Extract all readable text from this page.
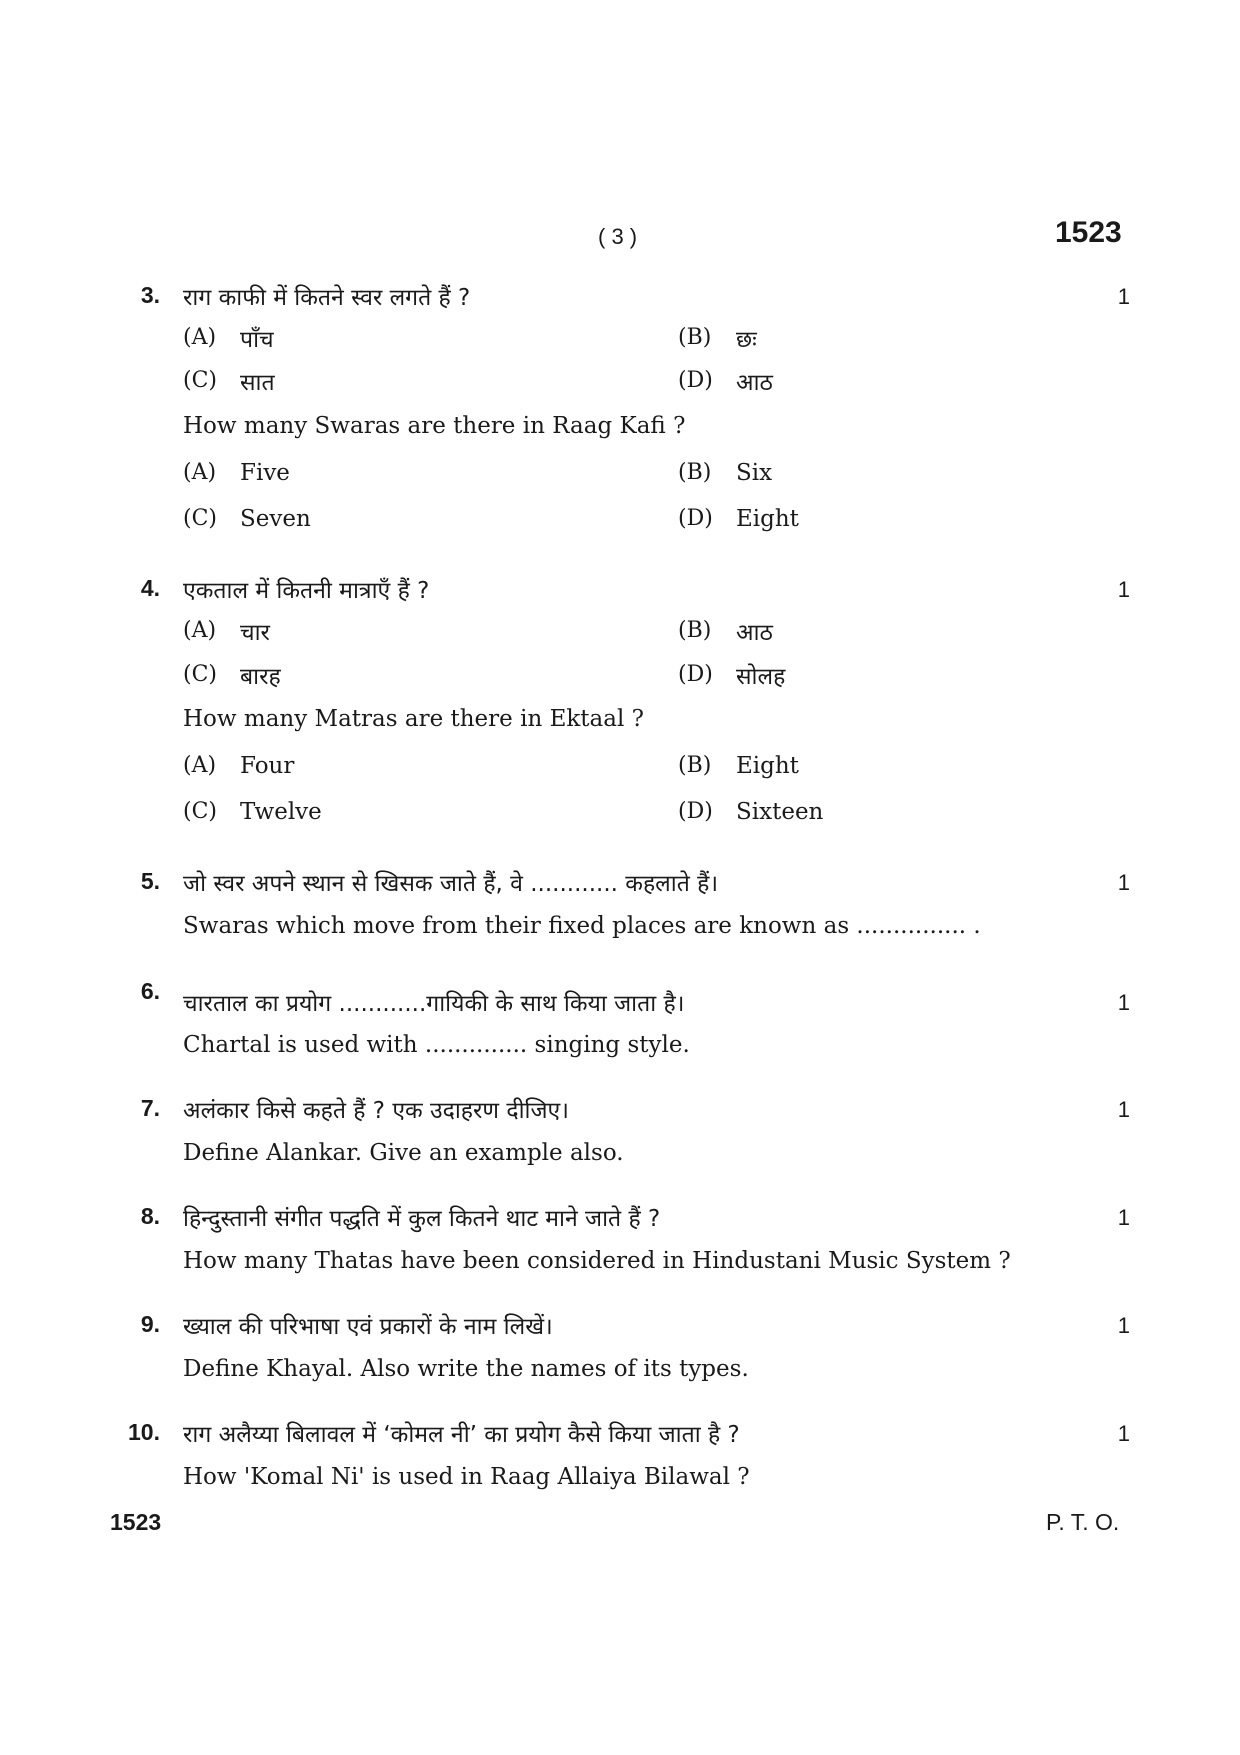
( 3 )	1523
3. राग काफी में कितने स्वर लगते हैं ?	1
(A) पाँच	(B) छः
(C) सात	(D) आठ
How many Swaras are there in Raag Kafi ?
(A) Five	(B) Six
(C) Seven	(D) Eight
4. एकताल में कितनी मात्राएँ हैं ?	1
(A) चार	(B) आठ
(C) बारह	(D) सोलह
How many Matras are there in Ektaal ?
(A) Four	(B) Eight
(C) Twelve	(D) Sixteen
5. जो स्वर अपने स्थान से खिसक जाते हैं, वे ............ कहलाते हैं।	1
Swaras which move from their fixed places are known as ............... .
6. चारताल का प्रयोग ............गायिकी के साथ किया जाता है।	1
Chartal is used with .............. singing style.
7. अलंकार किसे कहते हैं ? एक उदाहरण दीजिए।	1
Define Alankar. Give an example also.
8. हिन्दुस्तानी संगीत पद्धति में कुल कितने थाट माने जाते हैं ?	1
How many Thatas have been considered in Hindustani Music System ?
9. ख्याल की परिभाषा एवं प्रकारों के नाम लिखें।	1
Define Khayal. Also write the names of its types.
10. राग अलैय्या बिलावल में ‘कोमल नी’ का प्रयोग कैसे किया जाता है ?	1
How 'Komal Ni' is used in Raag Allaiya Bilawal ?
1523	P. T. O.
